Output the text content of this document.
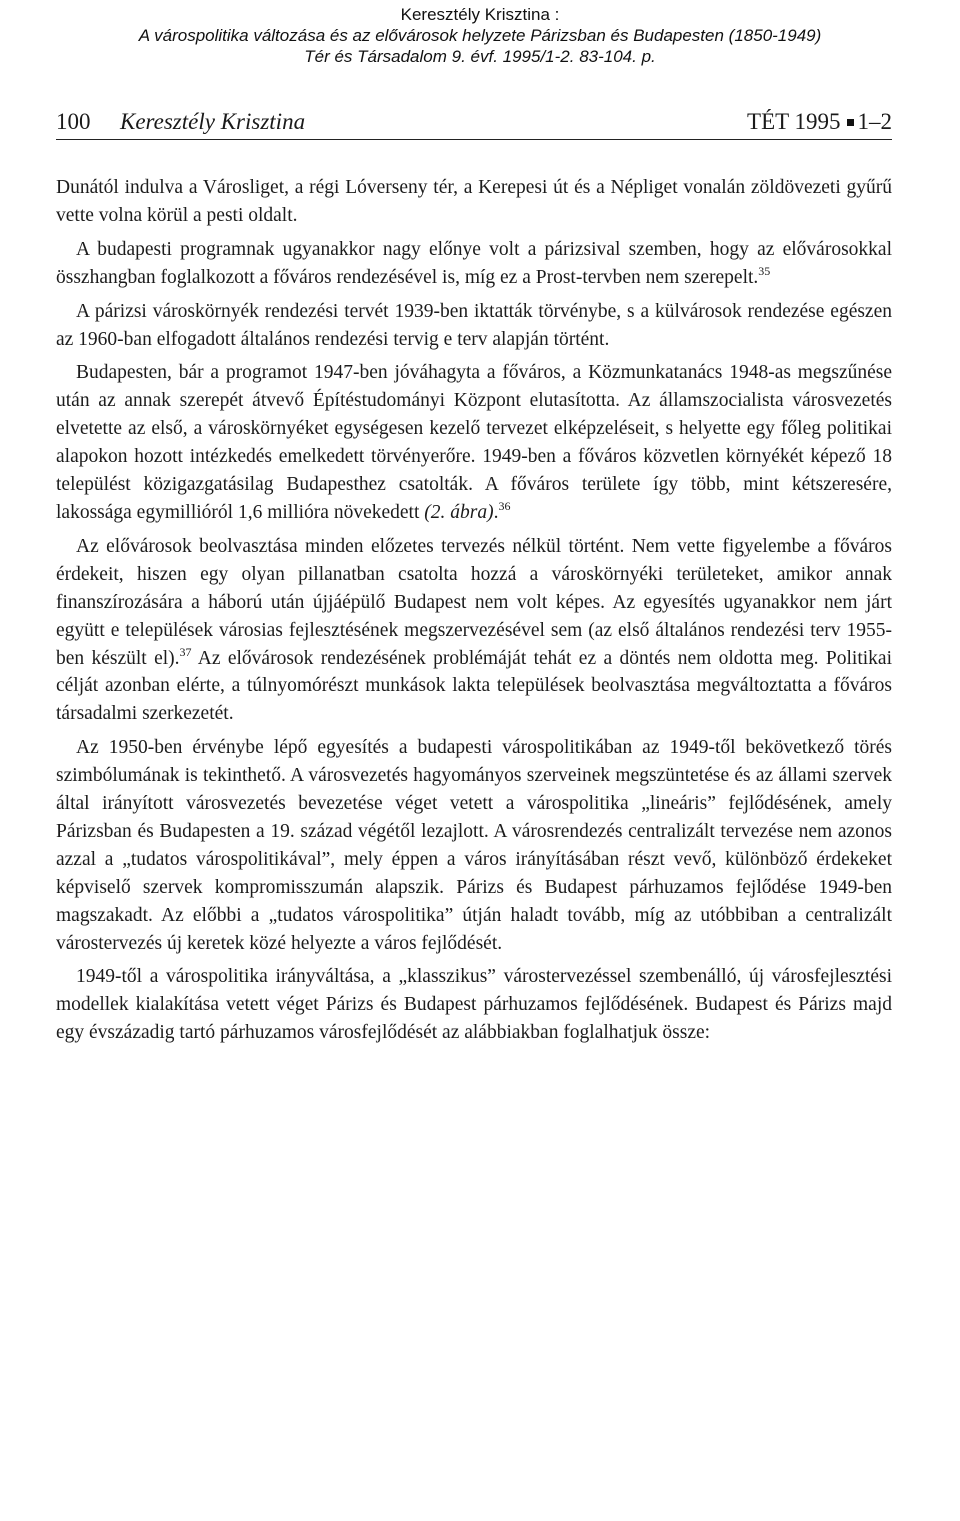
Keresztély Krisztina :
A várospolitika változása és az elővárosok helyzete Párizsban és Budapesten (1850-1949)
Tér és Társadalom 9. évf. 1995/1-2. 83-104. p.
100 Keresztély Krisztina	TÉT 1995 1–2

Dunától indulva a Városliget, a régi Lóverseny tér, a Kerepesi út és a Népliget vonalán zöldövezeti gyűrű vette volna körül a pesti oldalt.

A budapesti programnak ugyanakkor nagy előnye volt a párizsival szemben, hogy az elővárosokkal összhangban foglalkozott a főváros rendezésével is, míg ez a Prost-tervben nem szerepelt.$^{35}$

A párizsi városkörnyék rendezési tervét 1939-ben iktatták törvénybe, s a külvárosok rendezése egészen az 1960-ban elfogadott általános rendezési tervig e terv alapján történt.

Budapesten, bár a programot 1947-ben jóváhagyta a főváros, a Közmunkatanács 1948-as megszűnése után az annak szerepét átvevő Építéstudományi Központ elutasította. Az államszocialista városvezetés elvetette az első, a városkörnyéket egységesen kezelő tervezet elképzeléseit, s helyette egy főleg politikai alapokon hozott intézkedés emelkedett törvényerőre. 1949-ben a főváros közvetlen környékét képező 18 települést közigazgatásilag Budapesthez csatolták. A főváros területe így több, mint kétszeresére, lakossága egymillióról 1,6 millióra növekedett (2. ábra).$^{36}$

Az elővárosok beolvasztása minden előzetes tervezés nélkül történt. Nem vette figyelembe a főváros érdekeit, hiszen egy olyan pillanatban csatolta hozzá a városkörnyéki területeket, amikor annak finanszírozására a háború után újjáépülő Budapest nem volt képes. Az egyesítés ugyanakkor nem járt együtt e települések városias fejlesztésének megszervezésével sem (az első általános rendezési terv 1955-ben készült el).$^{37}$ Az elővárosok rendezésének problémáját tehát ez a döntés nem oldotta meg. Politikai célját azonban elérte, a túlnyomórészt munkások lakta települések beolvasztása megváltoztatta a főváros társadalmi szerkezetét.

Az 1950-ben érvénybe lépő egyesítés a budapesti várospolitikában az 1949-től bekövetkező törés szimbólumának is tekinthető. A városvezetés hagyományos szerveinek megszüntetése és az állami szervek által irányított városvezetés bevezetése véget vetett a várospolitika „lineáris” fejlődésének, amely Párizsban és Budapesten a 19. század végétől lezajlott. A városrendezés centralizált tervezése nem azonos azzal a „tudatos várospolitikával”, mely éppen a város irányításában részt vevő, különböző érdekeket képviselő szervek kompromisszumán alapszik. Párizs és Budapest párhuzamos fejlődése 1949-ben magszakadt. Az előbbi a „tudatos várospolitika” útján haladt tovább, míg az utóbbiban a centralizált várostervezés új keretek közé helyezte a város fejlődését.

1949-től a várospolitika irányváltása, a „klasszikus” várostervezéssel szembenálló, új városfejlesztési modellek kialakítása vetett véget Párizs és Budapest párhuzamos fejlődésének. Budapest és Párizs majd egy évszázadig tartó párhuzamos városfejlődését az alábbiakban foglalhatjuk össze:
